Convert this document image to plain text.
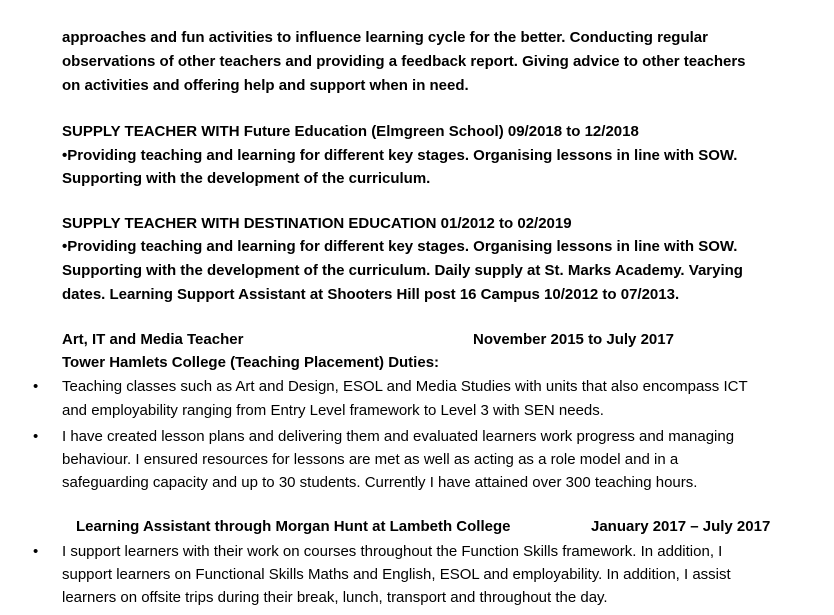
approaches and fun activities to influence learning cycle for the better. Conducting regular
observations of other teachers and providing a feedback report. Giving advice to other teachers
on activities and offering help and support when in need.
SUPPLY TEACHER WITH Future Education (Elmgreen School) 09/2018 to 12/2018
•Providing teaching and learning for different key stages. Organising lessons in line with SOW.
Supporting with the development of the curriculum.
SUPPLY TEACHER WITH DESTINATION EDUCATION 01/2012 to 02/2019
•Providing teaching and learning for different key stages. Organising lessons in line with SOW.
Supporting with the development of the curriculum. Daily supply at St. Marks Academy. Varying
dates. Learning Support Assistant at Shooters Hill post 16 Campus 10/2012 to 07/2013.
Art, IT and Media Teacher	November 2015 to July 2017
Tower Hamlets College (Teaching Placement) Duties:
• Teaching classes such as Art and Design, ESOL and Media Studies with units that also encompass ICT
and employability ranging from Entry Level framework to Level 3 with SEN needs.
• I have created lesson plans and delivering them and evaluated learners work progress and managing
behaviour. I ensured resources for lessons are met as well as acting as a role model and in a
safeguarding capacity and up to 30 students. Currently I have attained over 300 teaching hours.
Learning Assistant through Morgan Hunt at Lambeth College	January 2017 – July 2017
• I support learners with their work on courses throughout the Function Skills framework. In addition, I
support learners on Functional Skills Maths and English, ESOL and employability. In addition, I assist
learners on offsite trips during their break, lunch, transport and throughout the day.
